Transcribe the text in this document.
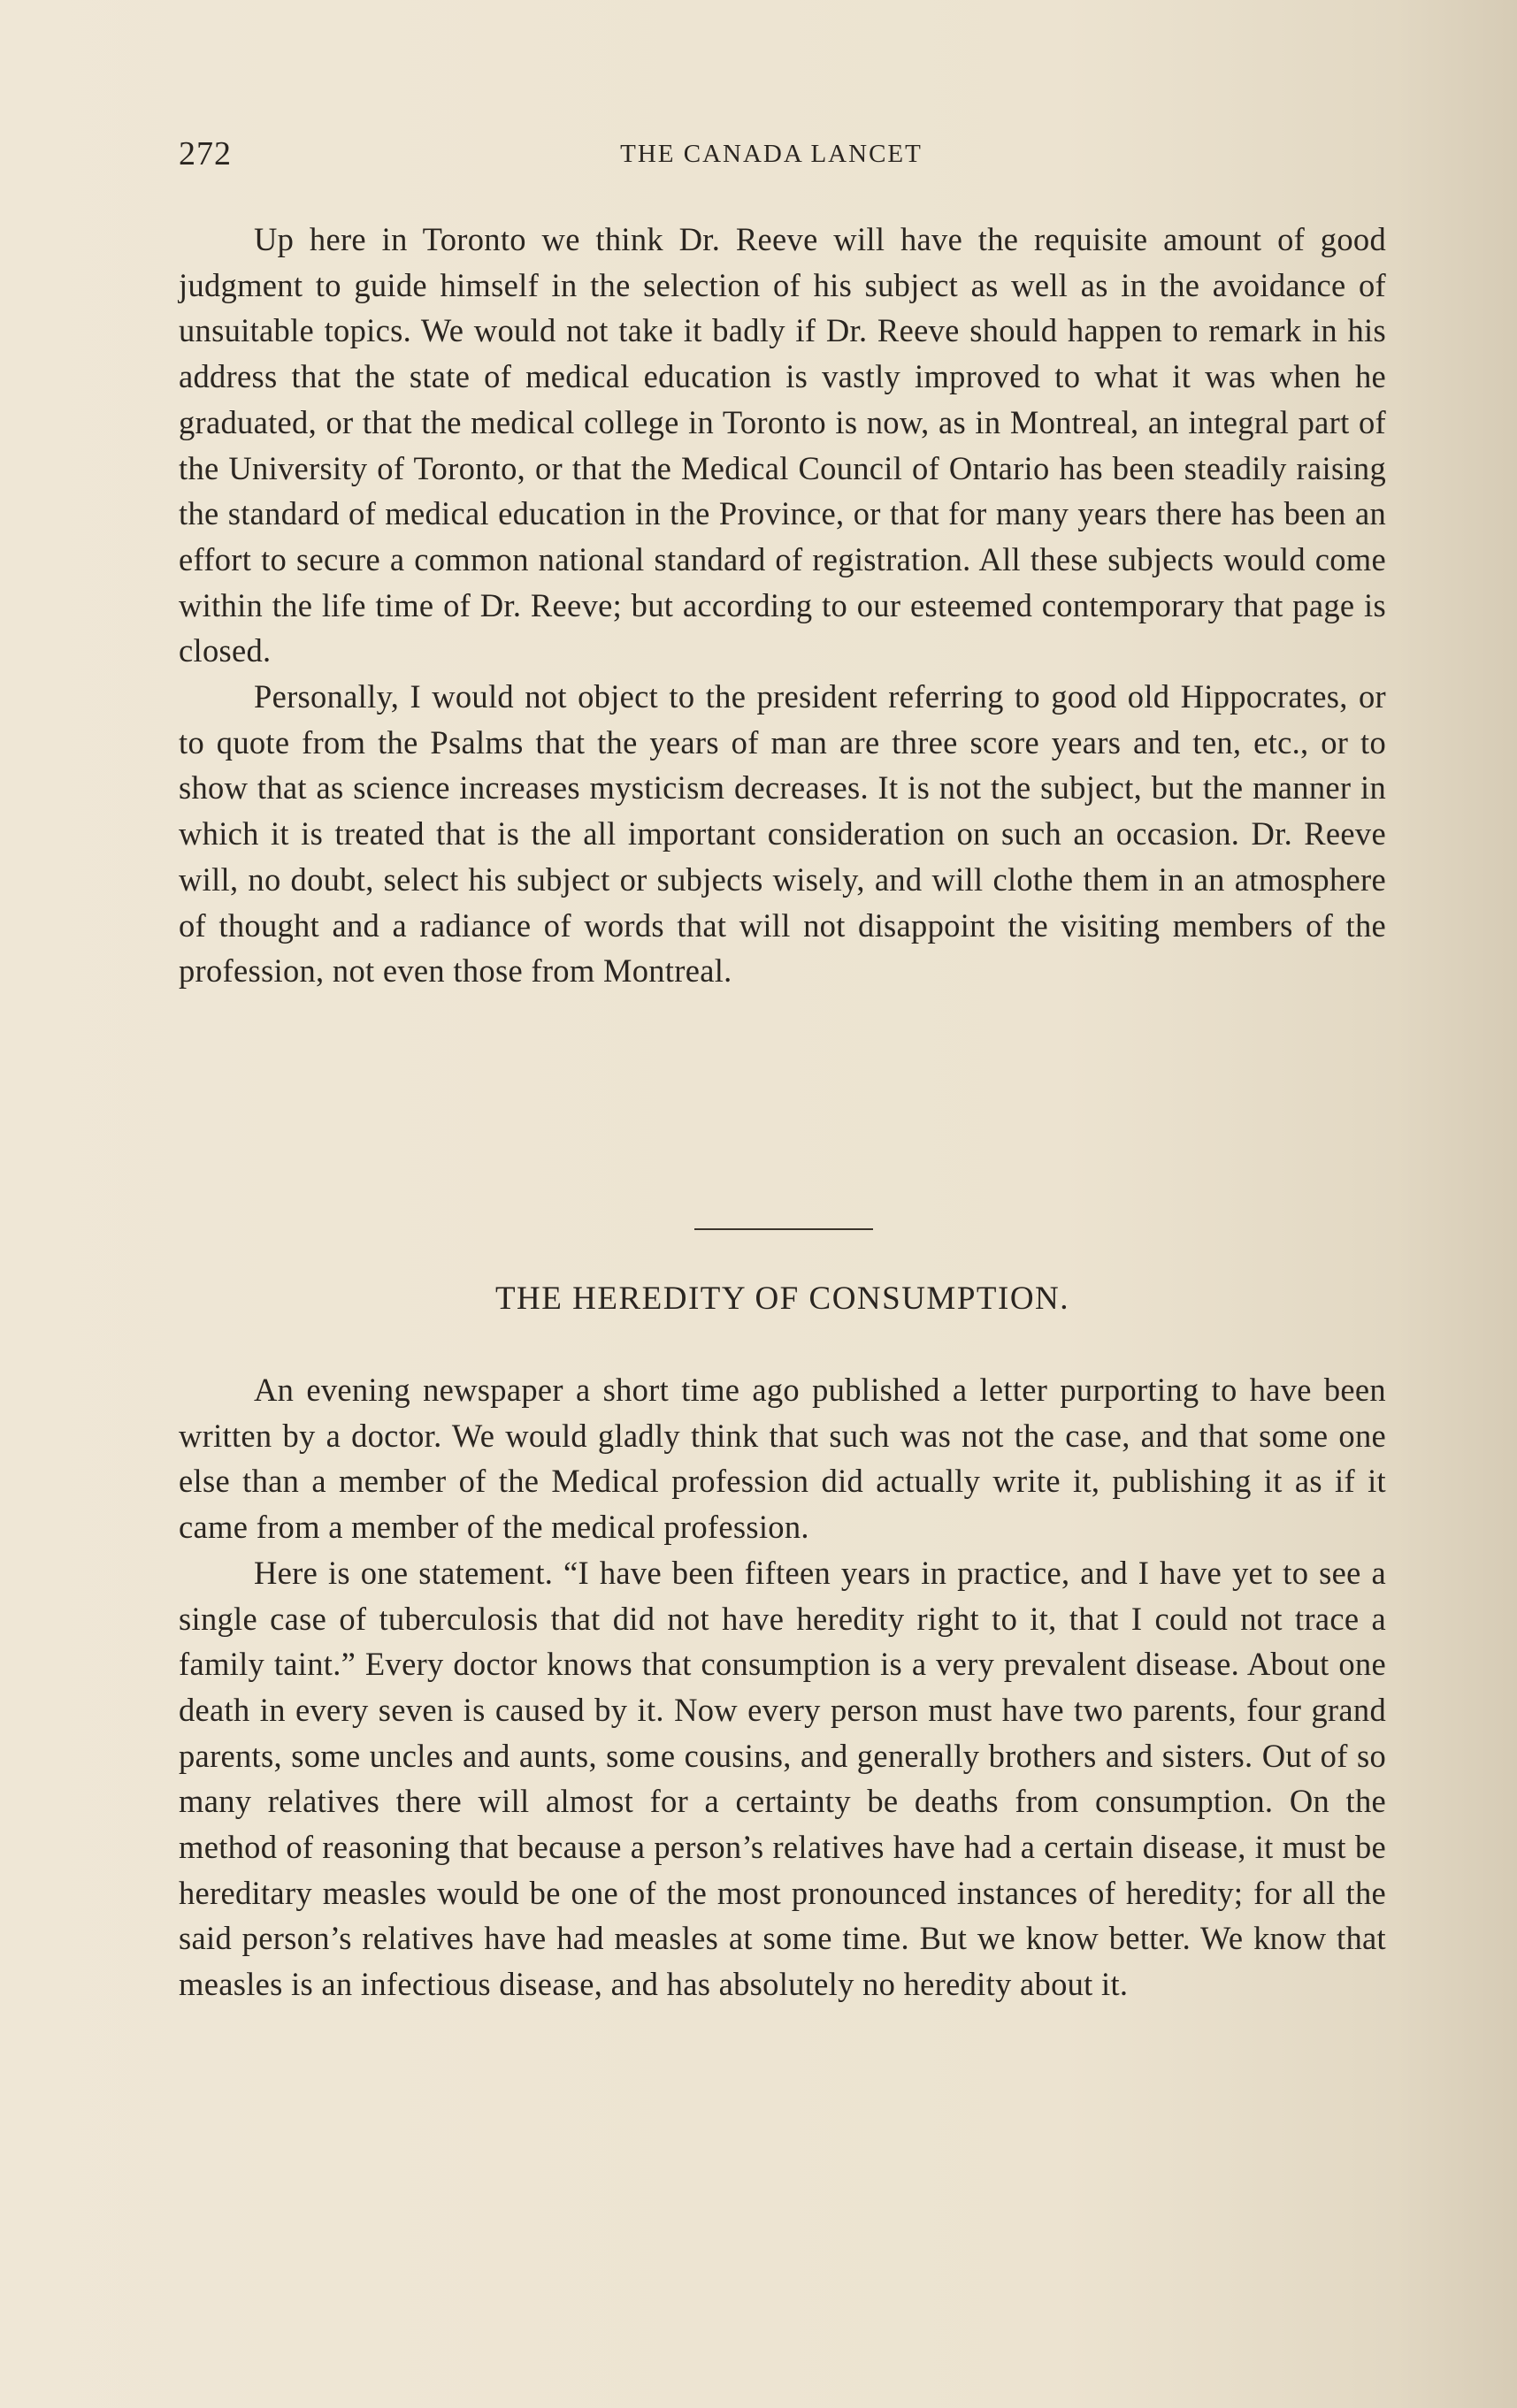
272	THE CANADA LANCET

Up here in Toronto we think Dr. Reeve will have the requisite amount of good judgment to guide himself in the selection of his subject as well as in the avoidance of unsuitable topics. We would not take it badly if Dr. Reeve should happen to remark in his address that the state of medical education is vastly improved to what it was when he graduated, or that the medical college in Toronto is now, as in Montreal, an integral part of the University of Toronto, or that the Medical Council of Ontario has been steadily raising the standard of medical education in the Province, or that for many years there has been an effort to secure a common national standard of registration. All these subjects would come within the life time of Dr. Reeve; but according to our esteemed contemporary that page is closed.

Personally, I would not object to the president referring to good old Hippocrates, or to quote from the Psalms that the years of man are three score years and ten, etc., or to show that as science increases mysticism decreases. It is not the subject, but the manner in which it is treated that is the all important consideration on such an occasion. Dr. Reeve will, no doubt, select his subject or subjects wisely, and will clothe them in an atmosphere of thought and a radiance of words that will not disappoint the visiting members of the profession, not even those from Montreal.

THE HEREDITY OF CONSUMPTION.

An evening newspaper a short time ago published a letter purporting to have been written by a doctor. We would gladly think that such was not the case, and that some one else than a member of the Medical profession did actually write it, publishing it as if it came from a member of the medical profession.

Here is one statement. “I have been fifteen years in practice, and I have yet to see a single case of tuberculosis that did not have heredity right to it, that I could not trace a family taint.” Every doctor knows that consumption is a very prevalent disease. About one death in every seven is caused by it. Now every person must have two parents, four grand parents, some uncles and aunts, some cousins, and generally brothers and sisters. Out of so many relatives there will almost for a certainty be deaths from consumption. On the method of reasoning that because a person’s relatives have had a certain disease, it must be hereditary measles would be one of the most pronounced instances of heredity; for all the said person’s relatives have had measles at some time. But we know better. We know that measles is an infectious disease, and has absolutely no heredity about it.
